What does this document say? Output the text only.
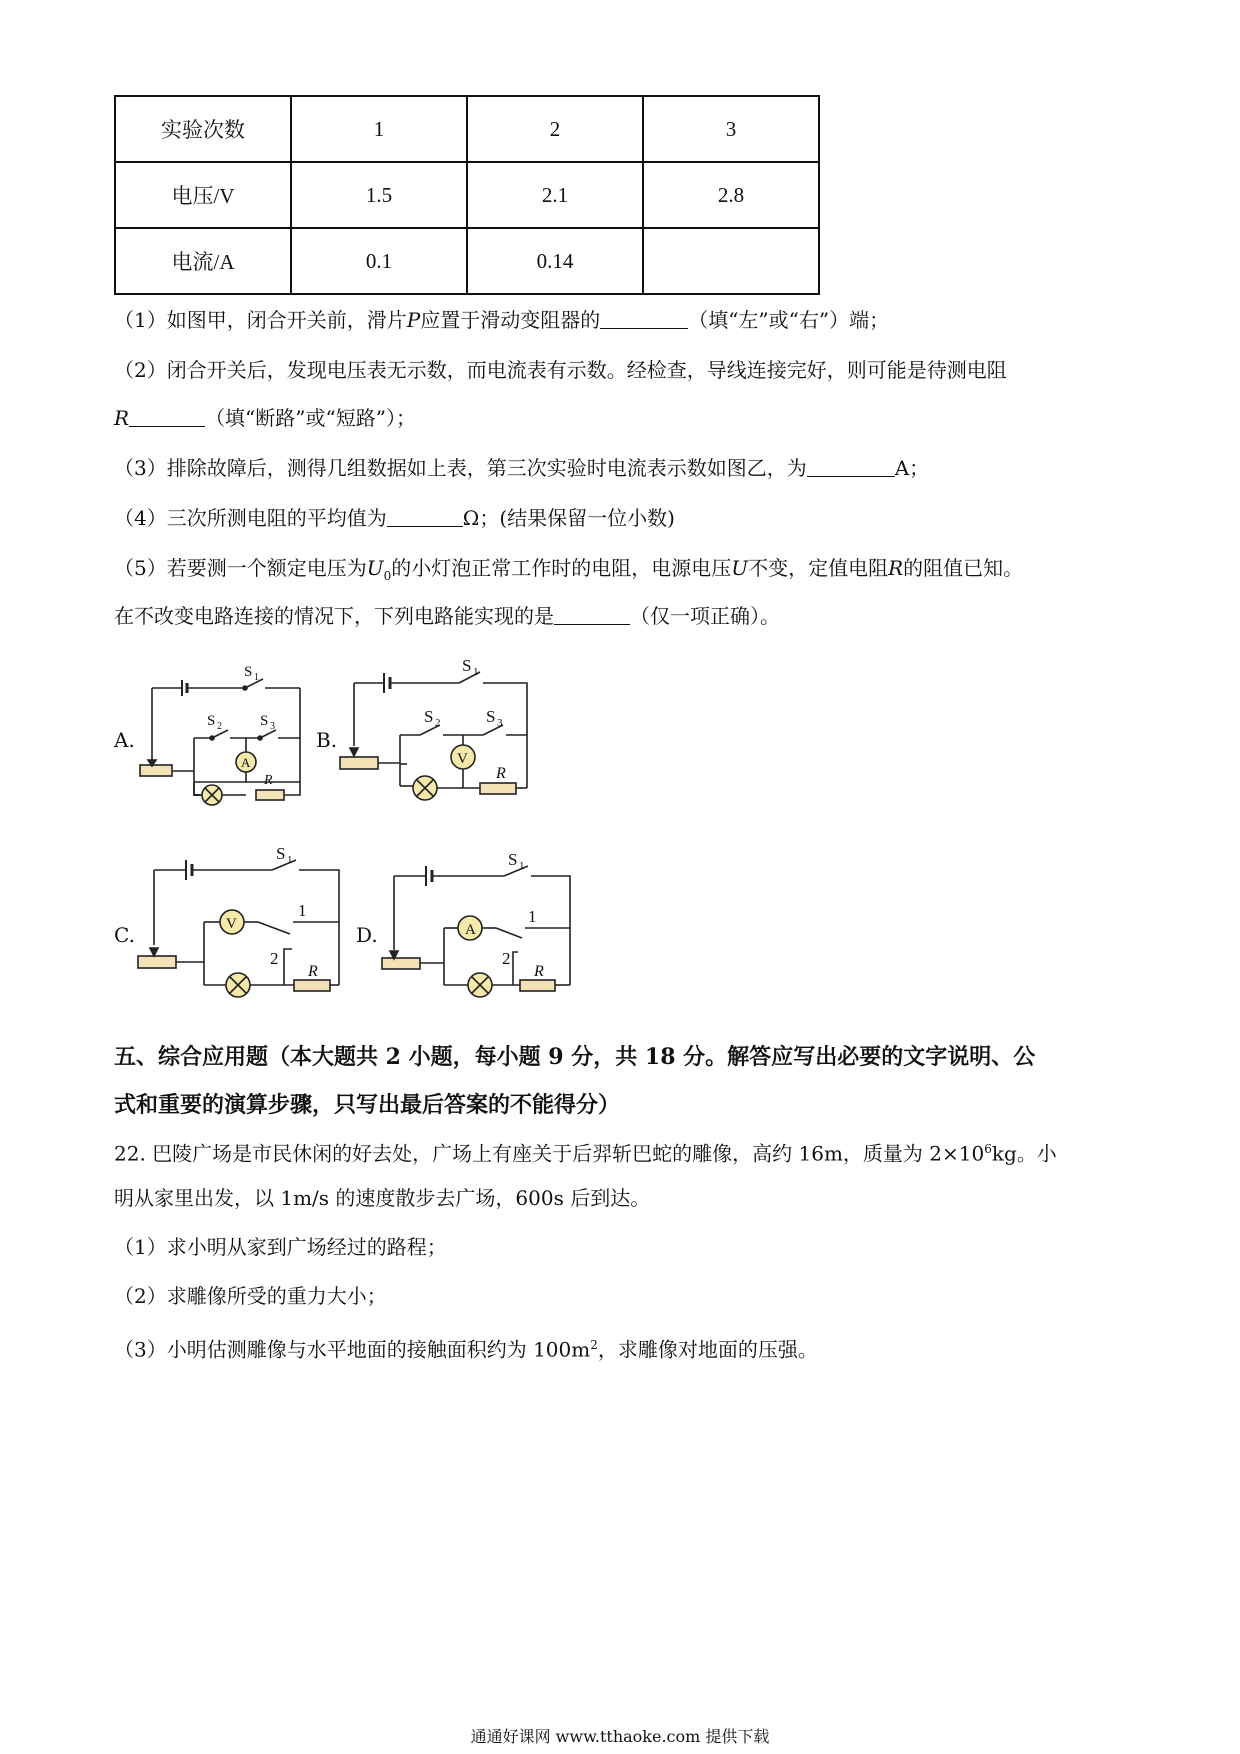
实验次数	1	2	3
电压/V	1.5	2.1	2.8
电流/A	0.1	0.14	
（1）如图甲，闭合开关前，滑片P应置于滑动变阻器的	（填“左”或“右”）端；
（2）闭合开关后，发现电压表无示数，而电流表有示数。经检查，导线连接完好，则可能是待测电阻
R	（填“断路”或“短路”）；
（3）排除故障后，测得几组数据如上表，第三次实验时电流表示数如图乙，为	A；
（4）三次所测电阻的平均值为	Ω；(结果保留一位小数)
（5）若要测一个额定电压为$U_0$的小灯泡正常工作时的电阻，电源电压U不变，定值电阻R的阻值已知。
在不改变电路连接的情况下，下列电路能实现的是	（仅一项正确）。
A.	B.
C.	D.
S 1
S 2	S 3
A
R
S 1
S 2	S 3
V
R
S 1
V
1
2
R
S 1
A
1
2
R
五、综合应用题（本大题共 2 小题，每小题 9 分，共 18 分。解答应写出必要的文字说明、公
式和重要的演算步骤，只写出最后答案的不能得分）
22. 巴陵广场是市民休闲的好去处，广场上有座关于后羿斩巴蛇的雕像，高约 16m，质量为 $2\times 10^6kg$。小
明从家里出发，以 1m/s 的速度散步去广场，600s 后到达。
（1）求小明从家到广场经过的路程；
（2）求雕像所受的重力大小；
（3）小明估测雕像与水平地面的接触面积约为 $100m^2$，求雕像对地面的压强。
通通好课网 www.tthaoke.com 提供下载
